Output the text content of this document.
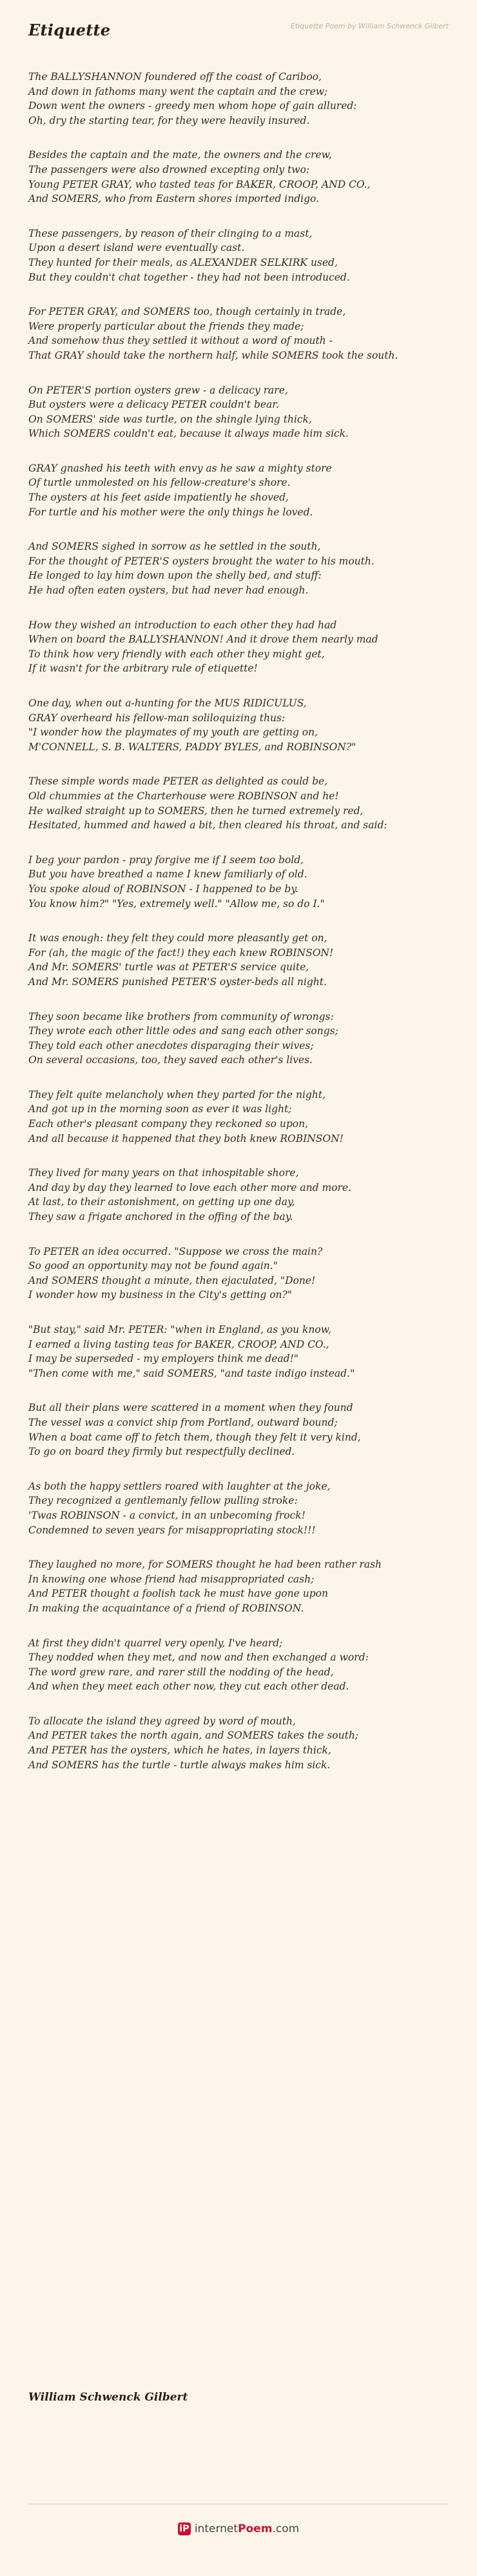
Etiquette	Etiquette Poem by William Schwenck Gilbert
The BALLYSHANNON foundered off the coast of Cariboo,
And down in fathoms many went the captain and the crew;
Down went the owners - greedy men whom hope of gain allured:
Oh, dry the starting tear, for they were heavily insured.
Besides the captain and the mate, the owners and the crew,
The passengers were also drowned excepting only two:
Young PETER GRAY, who tasted teas for BAKER, CROOP, AND CO.,
And SOMERS, who from Eastern shores imported indigo.
These passengers, by reason of their clinging to a mast,
Upon a desert island were eventually cast.
They hunted for their meals, as ALEXANDER SELKIRK used,
But they couldn't chat together - they had not been introduced.
For PETER GRAY, and SOMERS too, though certainly in trade,
Were properly particular about the friends they made;
And somehow thus they settled it without a word of mouth -
That GRAY should take the northern half, while SOMERS took the south.
On PETER'S portion oysters grew - a delicacy rare,
But oysters were a delicacy PETER couldn't bear.
On SOMERS' side was turtle, on the shingle lying thick,
Which SOMERS couldn't eat, because it always made him sick.
GRAY gnashed his teeth with envy as he saw a mighty store
Of turtle unmolested on his fellow-creature's shore.
The oysters at his feet aside impatiently he shoved,
For turtle and his mother were the only things he loved.
And SOMERS sighed in sorrow as he settled in the south,
For the thought of PETER'S oysters brought the water to his mouth.
He longed to lay him down upon the shelly bed, and stuff:
He had often eaten oysters, but had never had enough.
How they wished an introduction to each other they had had
When on board the BALLYSHANNON! And it drove them nearly mad
To think how very friendly with each other they might get,
If it wasn't for the arbitrary rule of etiquette!
One day, when out a-hunting for the MUS RIDICULUS,
GRAY overheard his fellow-man soliloquizing thus:
"I wonder how the playmates of my youth are getting on,
M'CONNELL, S. B. WALTERS, PADDY BYLES, and ROBINSON?"
These simple words made PETER as delighted as could be,
Old chummies at the Charterhouse were ROBINSON and he!
He walked straight up to SOMERS, then he turned extremely red,
Hesitated, hummed and hawed a bit, then cleared his throat, and said:
I beg your pardon - pray forgive me if I seem too bold,
But you have breathed a name I knew familiarly of old.
You spoke aloud of ROBINSON - I happened to be by.
You know him?" "Yes, extremely well." "Allow me, so do I."
It was enough: they felt they could more pleasantly get on,
For (ah, the magic of the fact!) they each knew ROBINSON!
And Mr. SOMERS' turtle was at PETER'S service quite,
And Mr. SOMERS punished PETER'S oyster-beds all night.
They soon became like brothers from community of wrongs:
They wrote each other little odes and sang each other songs;
They told each other anecdotes disparaging their wives;
On several occasions, too, they saved each other's lives.
They felt quite melancholy when they parted for the night,
And got up in the morning soon as ever it was light;
Each other's pleasant company they reckoned so upon,
And all because it happened that they both knew ROBINSON!
They lived for many years on that inhospitable shore,
And day by day they learned to love each other more and more.
At last, to their astonishment, on getting up one day,
They saw a frigate anchored in the offing of the bay.
To PETER an idea occurred. "Suppose we cross the main?
So good an opportunity may not be found again."
And SOMERS thought a minute, then ejaculated, "Done!
I wonder how my business in the City's getting on?"
"But stay," said Mr. PETER: "when in England, as you know,
I earned a living tasting teas for BAKER, CROOP, AND CO.,
I may be superseded - my employers think me dead!"
"Then come with me," said SOMERS, "and taste indigo instead."
But all their plans were scattered in a moment when they found
The vessel was a convict ship from Portland, outward bound;
When a boat came off to fetch them, though they felt it very kind,
To go on board they firmly but respectfully declined.
As both the happy settlers roared with laughter at the joke,
They recognized a gentlemanly fellow pulling stroke:
'Twas ROBINSON - a convict, in an unbecoming frock!
Condemned to seven years for misappropriating stock!!!
They laughed no more, for SOMERS thought he had been rather rash
In knowing one whose friend had misappropriated cash;
And PETER thought a foolish tack he must have gone upon
In making the acquaintance of a friend of ROBINSON.
At first they didn't quarrel very openly, I've heard;
They nodded when they met, and now and then exchanged a word:
The word grew rare, and rarer still the nodding of the head,
And when they meet each other now, they cut each other dead.
To allocate the island they agreed by word of mouth,
And PETER takes the north again, and SOMERS takes the south;
And PETER has the oysters, which he hates, in layers thick,
And SOMERS has the turtle - turtle always makes him sick.
William Schwenck Gilbert
iP internetPoem.com
